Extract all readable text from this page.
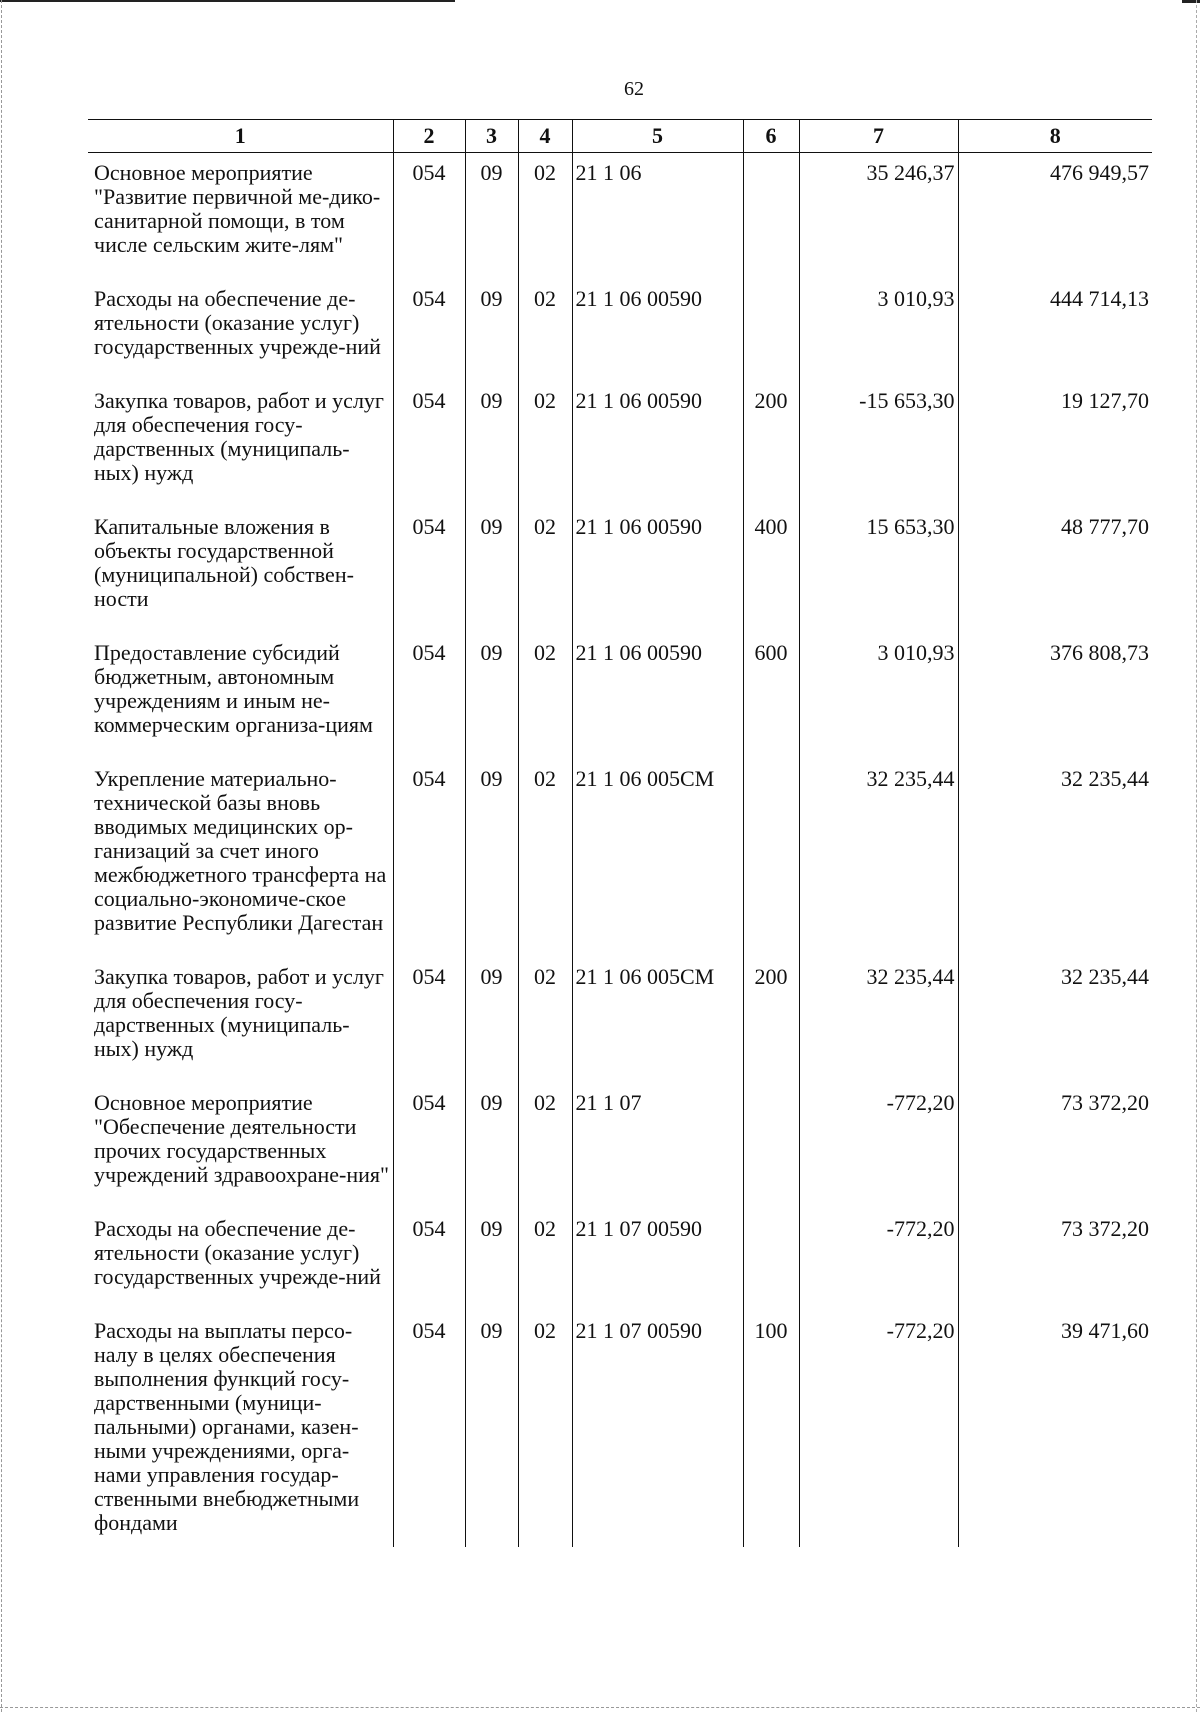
62
1	2	3	4	5	6	7	8
Основное мероприятие "Развитие первичной ме-дико-санитарной помощи, в том числе сельским жите-лям"	054	09	02	21 1 06		35 246,37	476 949,57
Расходы на обеспечение де-ятельности (оказание услуг) государственных учрежде-ний	054	09	02	21 1 06 00590		3 010,93	444 714,13
Закупка товаров, работ и услуг для обеспечения госу-дарственных (муниципаль-ных) нужд	054	09	02	21 1 06 00590	200	-15 653,30	19 127,70
Капитальные вложения в объекты государственной (муниципальной) собствен-ности	054	09	02	21 1 06 00590	400	15 653,30	48 777,70
Предоставление субсидий бюджетным, автономным учреждениям и иным не-коммерческим организа-циям	054	09	02	21 1 06 00590	600	3 010,93	376 808,73
Укрепление материально-технической базы вновь вводимых медицинских ор-ганизаций за счет иного межбюджетного трансферта на социально-экономиче-ское развитие Республики Дагестан	054	09	02	21 1 06 005CM		32 235,44	32 235,44
Закупка товаров, работ и услуг для обеспечения госу-дарственных (муниципаль-ных) нужд	054	09	02	21 1 06 005CM	200	32 235,44	32 235,44
Основное мероприятие "Обеспечение деятельности прочих государственных учреждений здравоохране-ния"	054	09	02	21 1 07		-772,20	73 372,20
Расходы на обеспечение де-ятельности (оказание услуг) государственных учрежде-ний	054	09	02	21 1 07 00590		-772,20	73 372,20
Расходы на выплаты персо-налу в целях обеспечения выполнения функций госу-дарственными (муници-пальными) органами, казен-ными учреждениями, орга-нами управления государ-ственными внебюджетными фондами	054	09	02	21 1 07 00590	100	-772,20	39 471,60
